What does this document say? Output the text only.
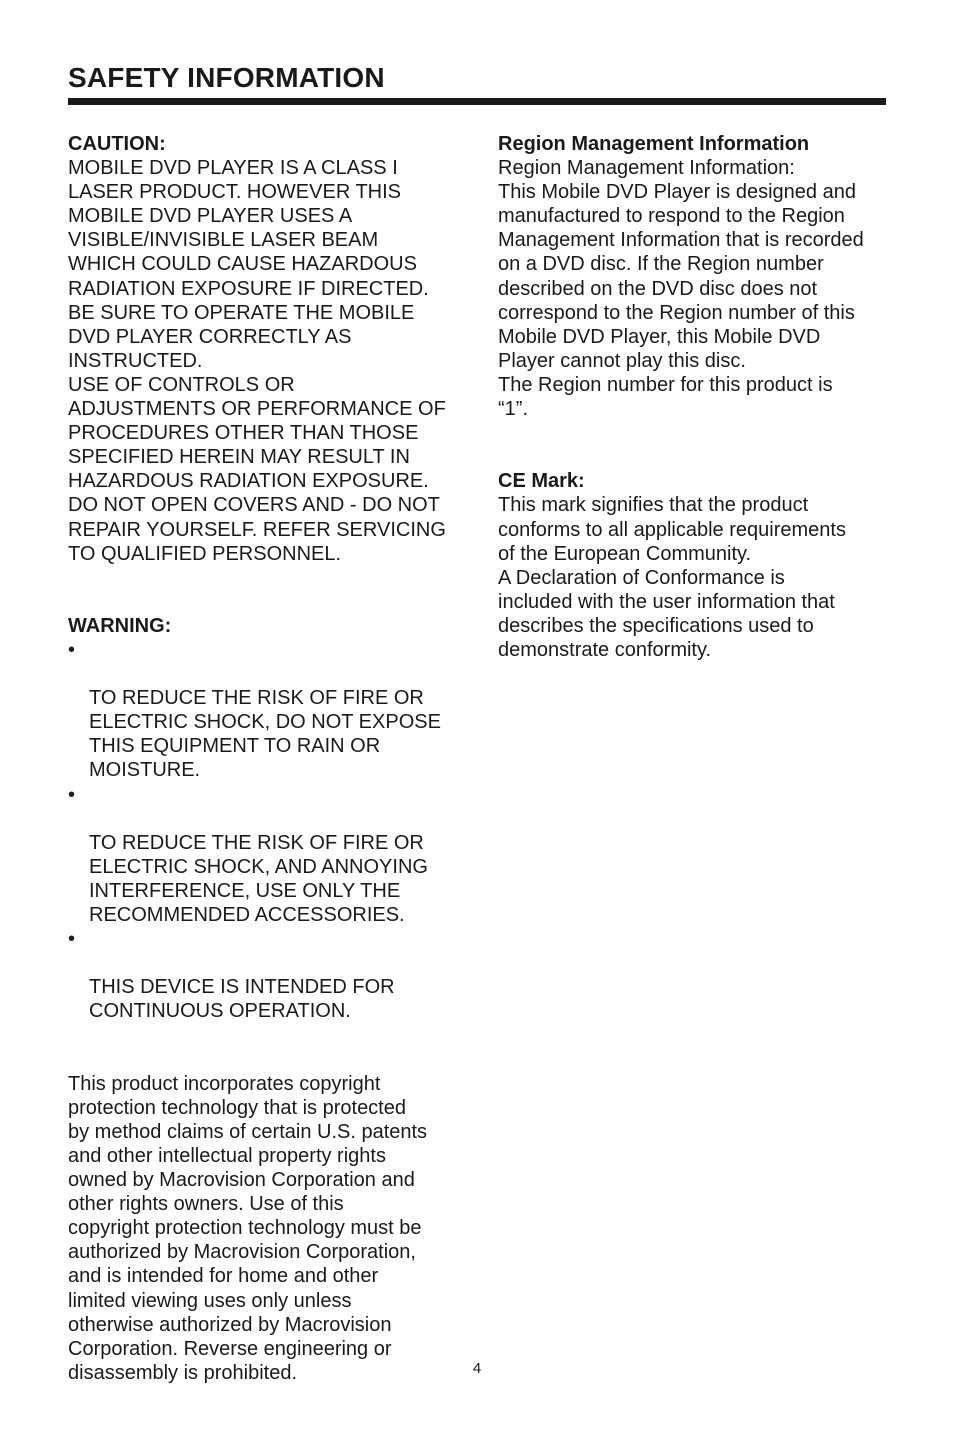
SAFETY INFORMATION
CAUTION:

MOBILE DVD PLAYER IS A CLASS I
LASER PRODUCT. HOWEVER THIS
MOBILE DVD PLAYER USES A
VISIBLE/INVISIBLE LASER BEAM
WHICH COULD CAUSE HAZARDOUS
RADIATION EXPOSURE IF DIRECTED.
BE SURE TO OPERATE THE MOBILE
DVD PLAYER CORRECTLY AS
INSTRUCTED.

USE OF CONTROLS OR
ADJUSTMENTS OR PERFORMANCE OF
PROCEDURES OTHER THAN THOSE
SPECIFIED HEREIN MAY RESULT IN
HAZARDOUS RADIATION EXPOSURE.
DO NOT OPEN COVERS AND - DO NOT
REPAIR YOURSELF. REFER SERVICING
TO QUALIFIED PERSONNEL.

WARNING:

•

TO REDUCE THE RISK OF FIRE OR
ELECTRIC SHOCK, DO NOT EXPOSE
THIS EQUIPMENT TO RAIN OR
MOISTURE.

•

TO REDUCE THE RISK OF FIRE OR
ELECTRIC SHOCK, AND ANNOYING
INTERFERENCE, USE ONLY THE
RECOMMENDED ACCESSORIES.

•

THIS DEVICE IS INTENDED FOR
CONTINUOUS OPERATION.

This product incorporates copyright
protection technology that is protected
by method claims of certain U.S. patents
and other intellectual property rights
owned by Macrovision Corporation and
other rights owners. Use of this
copyright protection technology must be
authorized by Macrovision Corporation,
and is intended for home and other
limited viewing uses only unless
otherwise authorized by Macrovision
Corporation. Reverse engineering or
disassembly is prohibited.

Region Management Information

Region Management Information:
This Mobile DVD Player is designed and
manufactured to respond to the Region
Management Information that is recorded
on a DVD disc. If the Region number
described on the DVD disc does not
correspond to the Region number of this
Mobile DVD Player, this Mobile DVD
Player cannot play this disc.

The Region number for this product is
“1”.

CE Mark:

This mark signifies that the product
conforms to all applicable requirements
of the European Community.

A Declaration of Conformance is
included with the user information that
describes the specifications used to
demonstrate conformity.

4
